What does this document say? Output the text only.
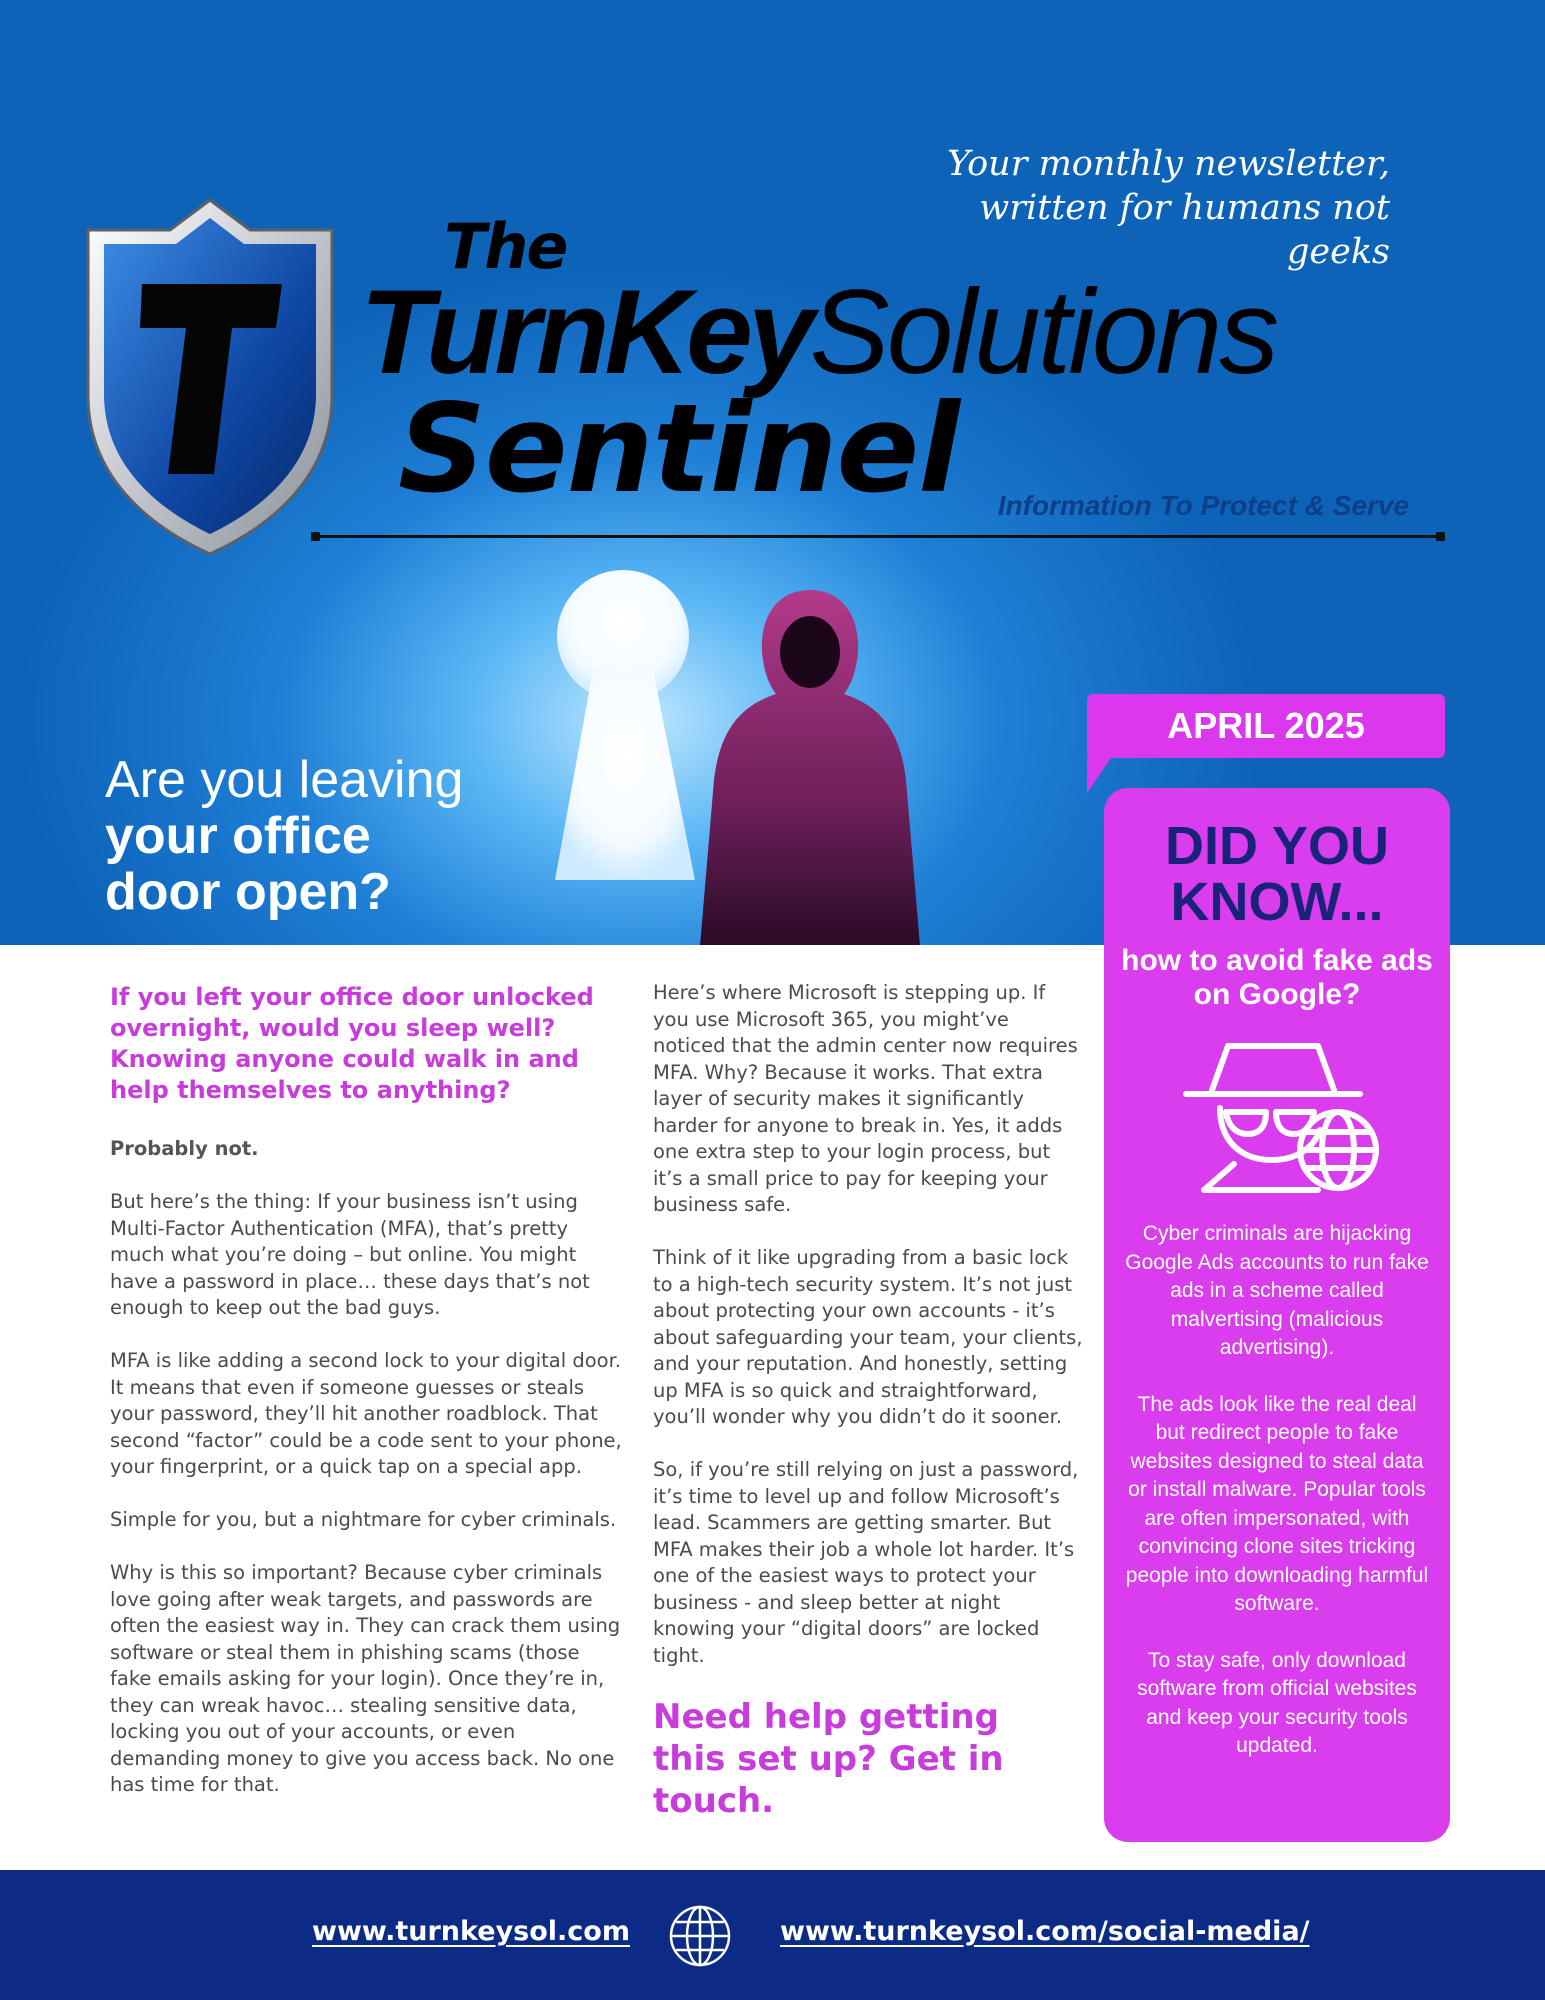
Your monthly newsletter,
written for humans not geeks
The
TurnKeySolutions
Sentinel Information To Protect & Serve
Are you leaving
your office
door open?
APRIL 2025
DID YOU
KNOW...
how to avoid fake ads on Google?

Cyber criminals are hijacking Google Ads accounts to run fake ads in a scheme called malvertising (malicious advertising).

The ads look like the real deal but redirect people to fake websites designed to steal data or install malware. Popular tools are often impersonated, with convincing clone sites tricking people into downloading harmful software.

To stay safe, only download software from official websites and keep your security tools updated.

If you left your office door unlocked overnight, would you sleep well? Knowing anyone could walk in and help themselves to anything?

Probably not.

But here’s the thing: If your business isn’t using Multi-Factor Authentication (MFA), that’s pretty much what you’re doing – but online. You might have a password in place… these days that’s not enough to keep out the bad guys.

MFA is like adding a second lock to your digital door. It means that even if someone guesses or steals your password, they’ll hit another roadblock. That second “factor” could be a code sent to your phone, your fingerprint, or a quick tap on a special app.

Simple for you, but a nightmare for cyber criminals.

Why is this so important? Because cyber criminals love going after weak targets, and passwords are often the easiest way in. They can crack them using software or steal them in phishing scams (those fake emails asking for your login). Once they’re in, they can wreak havoc… stealing sensitive data, locking you out of your accounts, or even demanding money to give you access back. No one has time for that.

Here’s where Microsoft is stepping up. If you use Microsoft 365, you might’ve noticed that the admin center now requires MFA. Why? Because it works. That extra layer of security makes it significantly harder for anyone to break in. Yes, it adds one extra step to your login process, but it’s a small price to pay for keeping your business safe.

Think of it like upgrading from a basic lock to a high-tech security system. It’s not just about protecting your own accounts - it’s about safeguarding your team, your clients, and your reputation. And honestly, setting up MFA is so quick and straightforward, you’ll wonder why you didn’t do it sooner.

So, if you’re still relying on just a password, it’s time to level up and follow Microsoft’s lead. Scammers are getting smarter. But MFA makes their job a whole lot harder. It’s one of the easiest ways to protect your business - and sleep better at night knowing your “digital doors” are locked tight.

Need help getting this set up? Get in touch.
www.turnkeysol.com	www.turnkeysol.com/social-media/
